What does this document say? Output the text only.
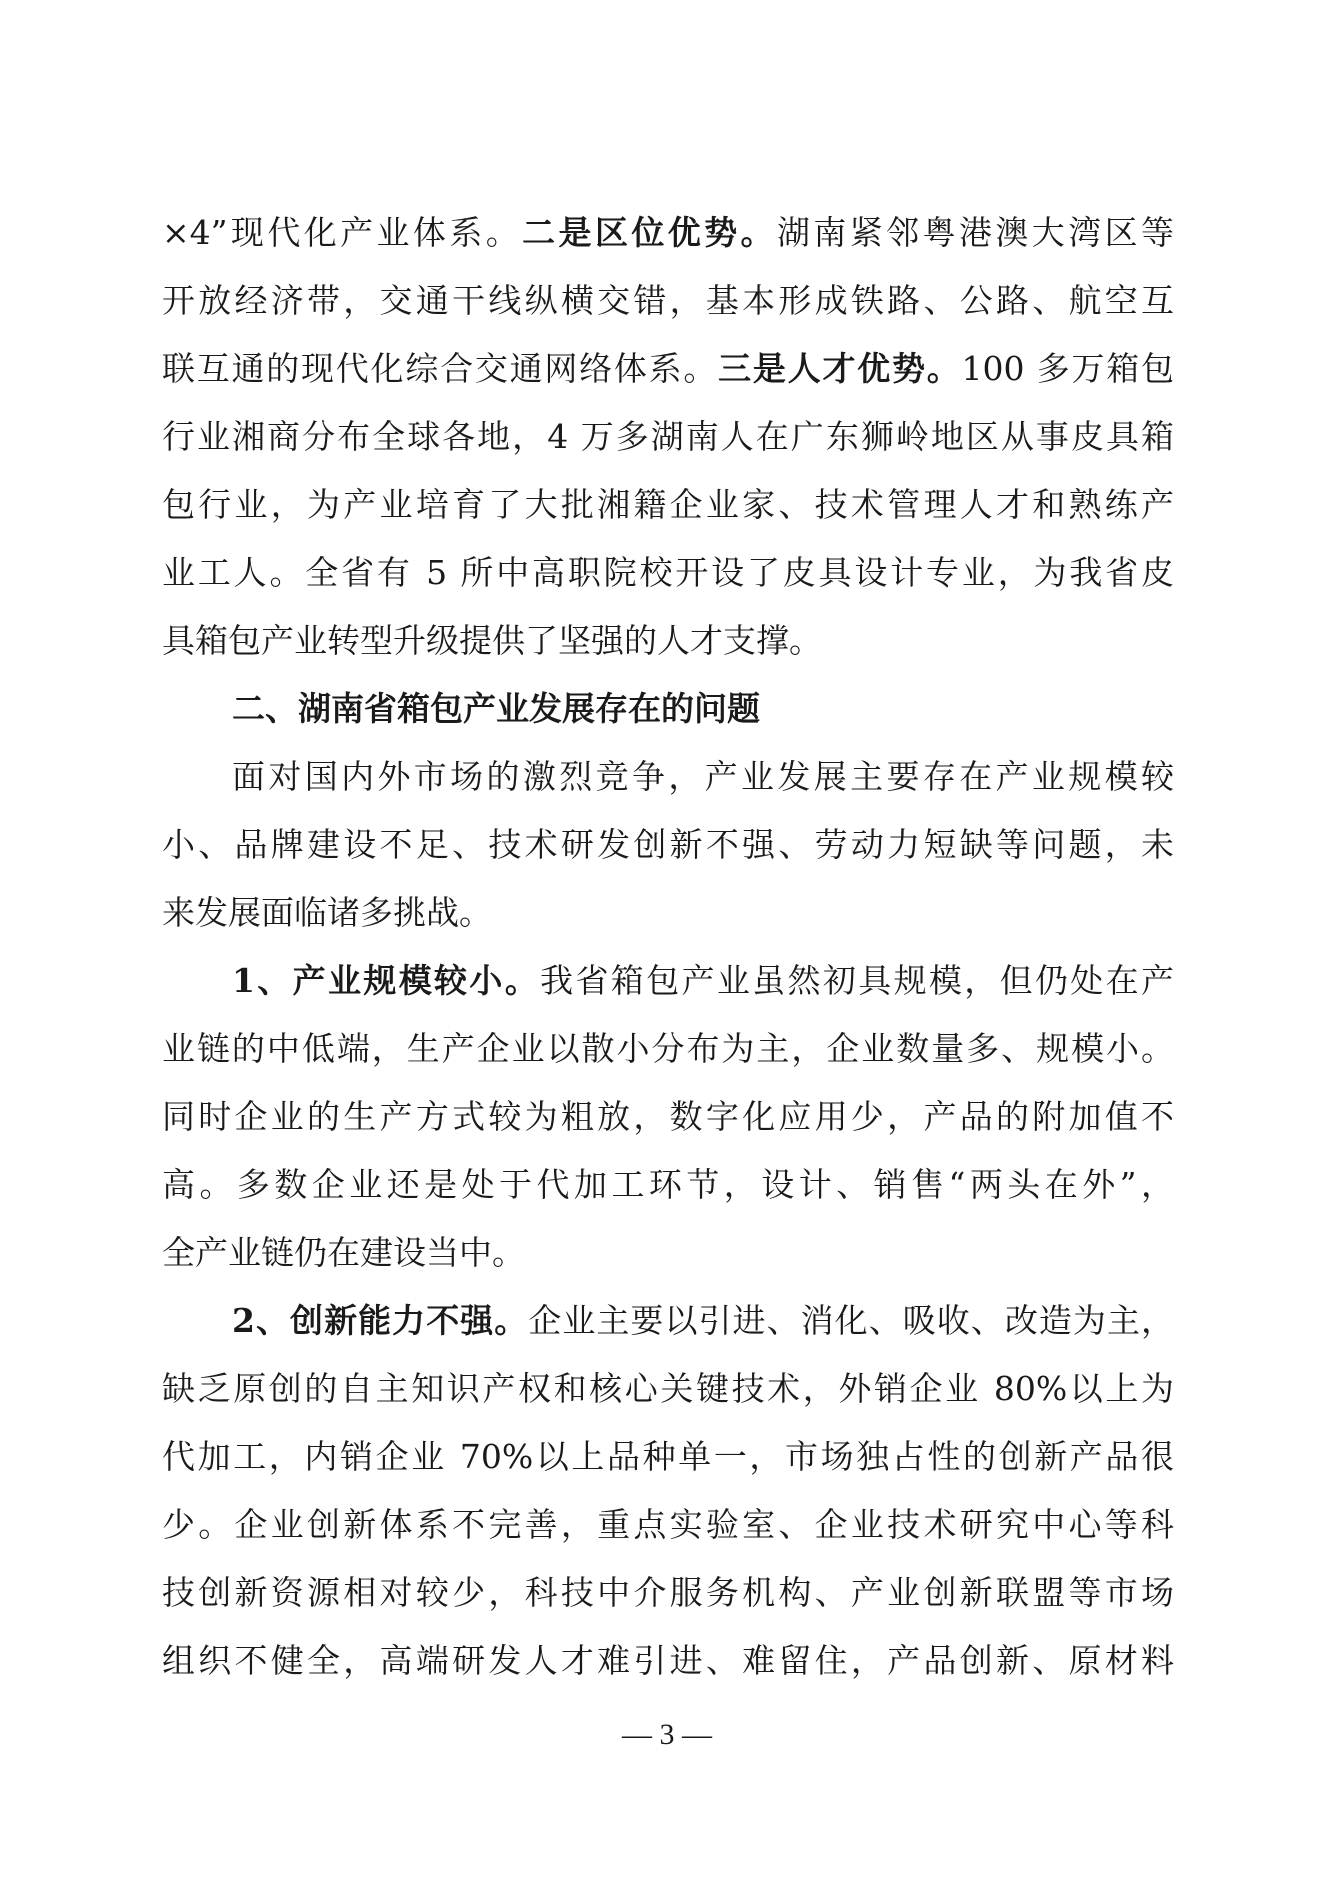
×4”现代化产业体系。二是区位优势。湖南紧邻粤港澳大湾区等
开放经济带，交通干线纵横交错，基本形成铁路、公路、航空互
联互通的现代化综合交通网络体系。三是人才优势。100 多万箱包
行业湘商分布全球各地，4 万多湖南人在广东狮岭地区从事皮具箱
包行业，为产业培育了大批湘籍企业家、技术管理人才和熟练产
业工人。全省有 5 所中高职院校开设了皮具设计专业，为我省皮
具箱包产业转型升级提供了坚强的人才支撑。
二、湖南省箱包产业发展存在的问题
面对国内外市场的激烈竞争，产业发展主要存在产业规模较
小、品牌建设不足、技术研发创新不强、劳动力短缺等问题，未
来发展面临诸多挑战。
1、产业规模较小。我省箱包产业虽然初具规模，但仍处在产
业链的中低端，生产企业以散小分布为主，企业数量多、规模小。
同时企业的生产方式较为粗放，数字化应用少，产品的附加值不
高。多数企业还是处于代加工环节，设计、销售“两头在外”，
全产业链仍在建设当中。
2、创新能力不强。企业主要以引进、消化、吸收、改造为主，
缺乏原创的自主知识产权和核心关键技术，外销企业 80%以上为
代加工，内销企业 70%以上品种单一，市场独占性的创新产品很
少。企业创新体系不完善，重点实验室、企业技术研究中心等科
技创新资源相对较少，科技中介服务机构、产业创新联盟等市场
组织不健全，高端研发人才难引进、难留住，产品创新、原材料
— 3 —
